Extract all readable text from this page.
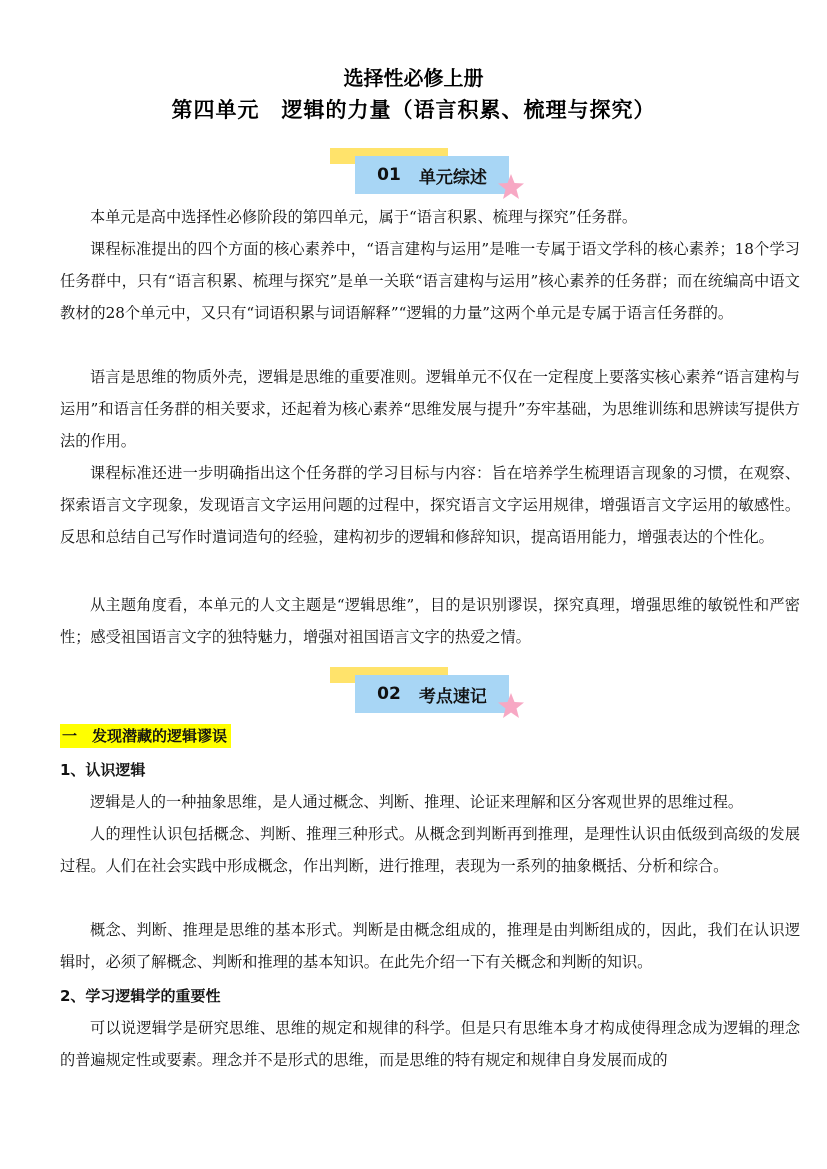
选择性必修上册
第四单元　逻辑的力量（语言积累、梳理与探究）
01 单元综述

本单元是高中选择性必修阶段的第四单元，属于“语言积累、梳理与探究”任务群。

课程标准提出的四个方面的核心素养中，“语言建构与运用”是唯一专属于语文学科的核心素养；18个学习任务群中，只有“语言积累、梳理与探究”是单一关联“语言建构与运用”核心素养的任务群；而在统编高中语文教材的28个单元中，又只有“词语积累与词语解释”“逻辑的力量”这两个单元是专属于语言任务群的。

语言是思维的物质外壳，逻辑是思维的重要准则。逻辑单元不仅在一定程度上要落实核心素养“语言建构与运用”和语言任务群的相关要求，还起着为核心素养“思维发展与提升”夯牢基础，为思维训练和思辨读写提供方法的作用。

课程标准还进一步明确指出这个任务群的学习目标与内容：旨在培养学生梳理语言现象的习惯，在观察、探索语言文字现象，发现语言文字运用问题的过程中，探究语言文字运用规律，增强语言文字运用的敏感性。反思和总结自己写作时遣词造句的经验，建构初步的逻辑和修辞知识，提高语用能力，增强表达的个性化。

从主题角度看，本单元的人文主题是“逻辑思维”，目的是识别谬误，探究真理，增强思维的敏锐性和严密性；感受祖国语言文字的独特魅力，增强对祖国语言文字的热爱之情。

02 考点速记
一　发现潜藏的逻辑谬误
1、认识逻辑

逻辑是人的一种抽象思维，是人通过概念、判断、推理、论证来理解和区分客观世界的思维过程。

人的理性认识包括概念、判断、推理三种形式。从概念到判断再到推理，是理性认识由低级到高级的发展过程。人们在社会实践中形成概念，作出判断，进行推理，表现为一系列的抽象概括、分析和综合。

概念、判断、推理是思维的基本形式。判断是由概念组成的，推理是由判断组成的，因此，我们在认识逻辑时，必须了解概念、判断和推理的基本知识。在此先介绍一下有关概念和判断的知识。

2、学习逻辑学的重要性

可以说逻辑学是研究思维、思维的规定和规律的科学。但是只有思维本身才构成使得理念成为逻辑的理念的普遍规定性或要素。理念并不是形式的思维，而是思维的特有规定和规律自身发展而成的
